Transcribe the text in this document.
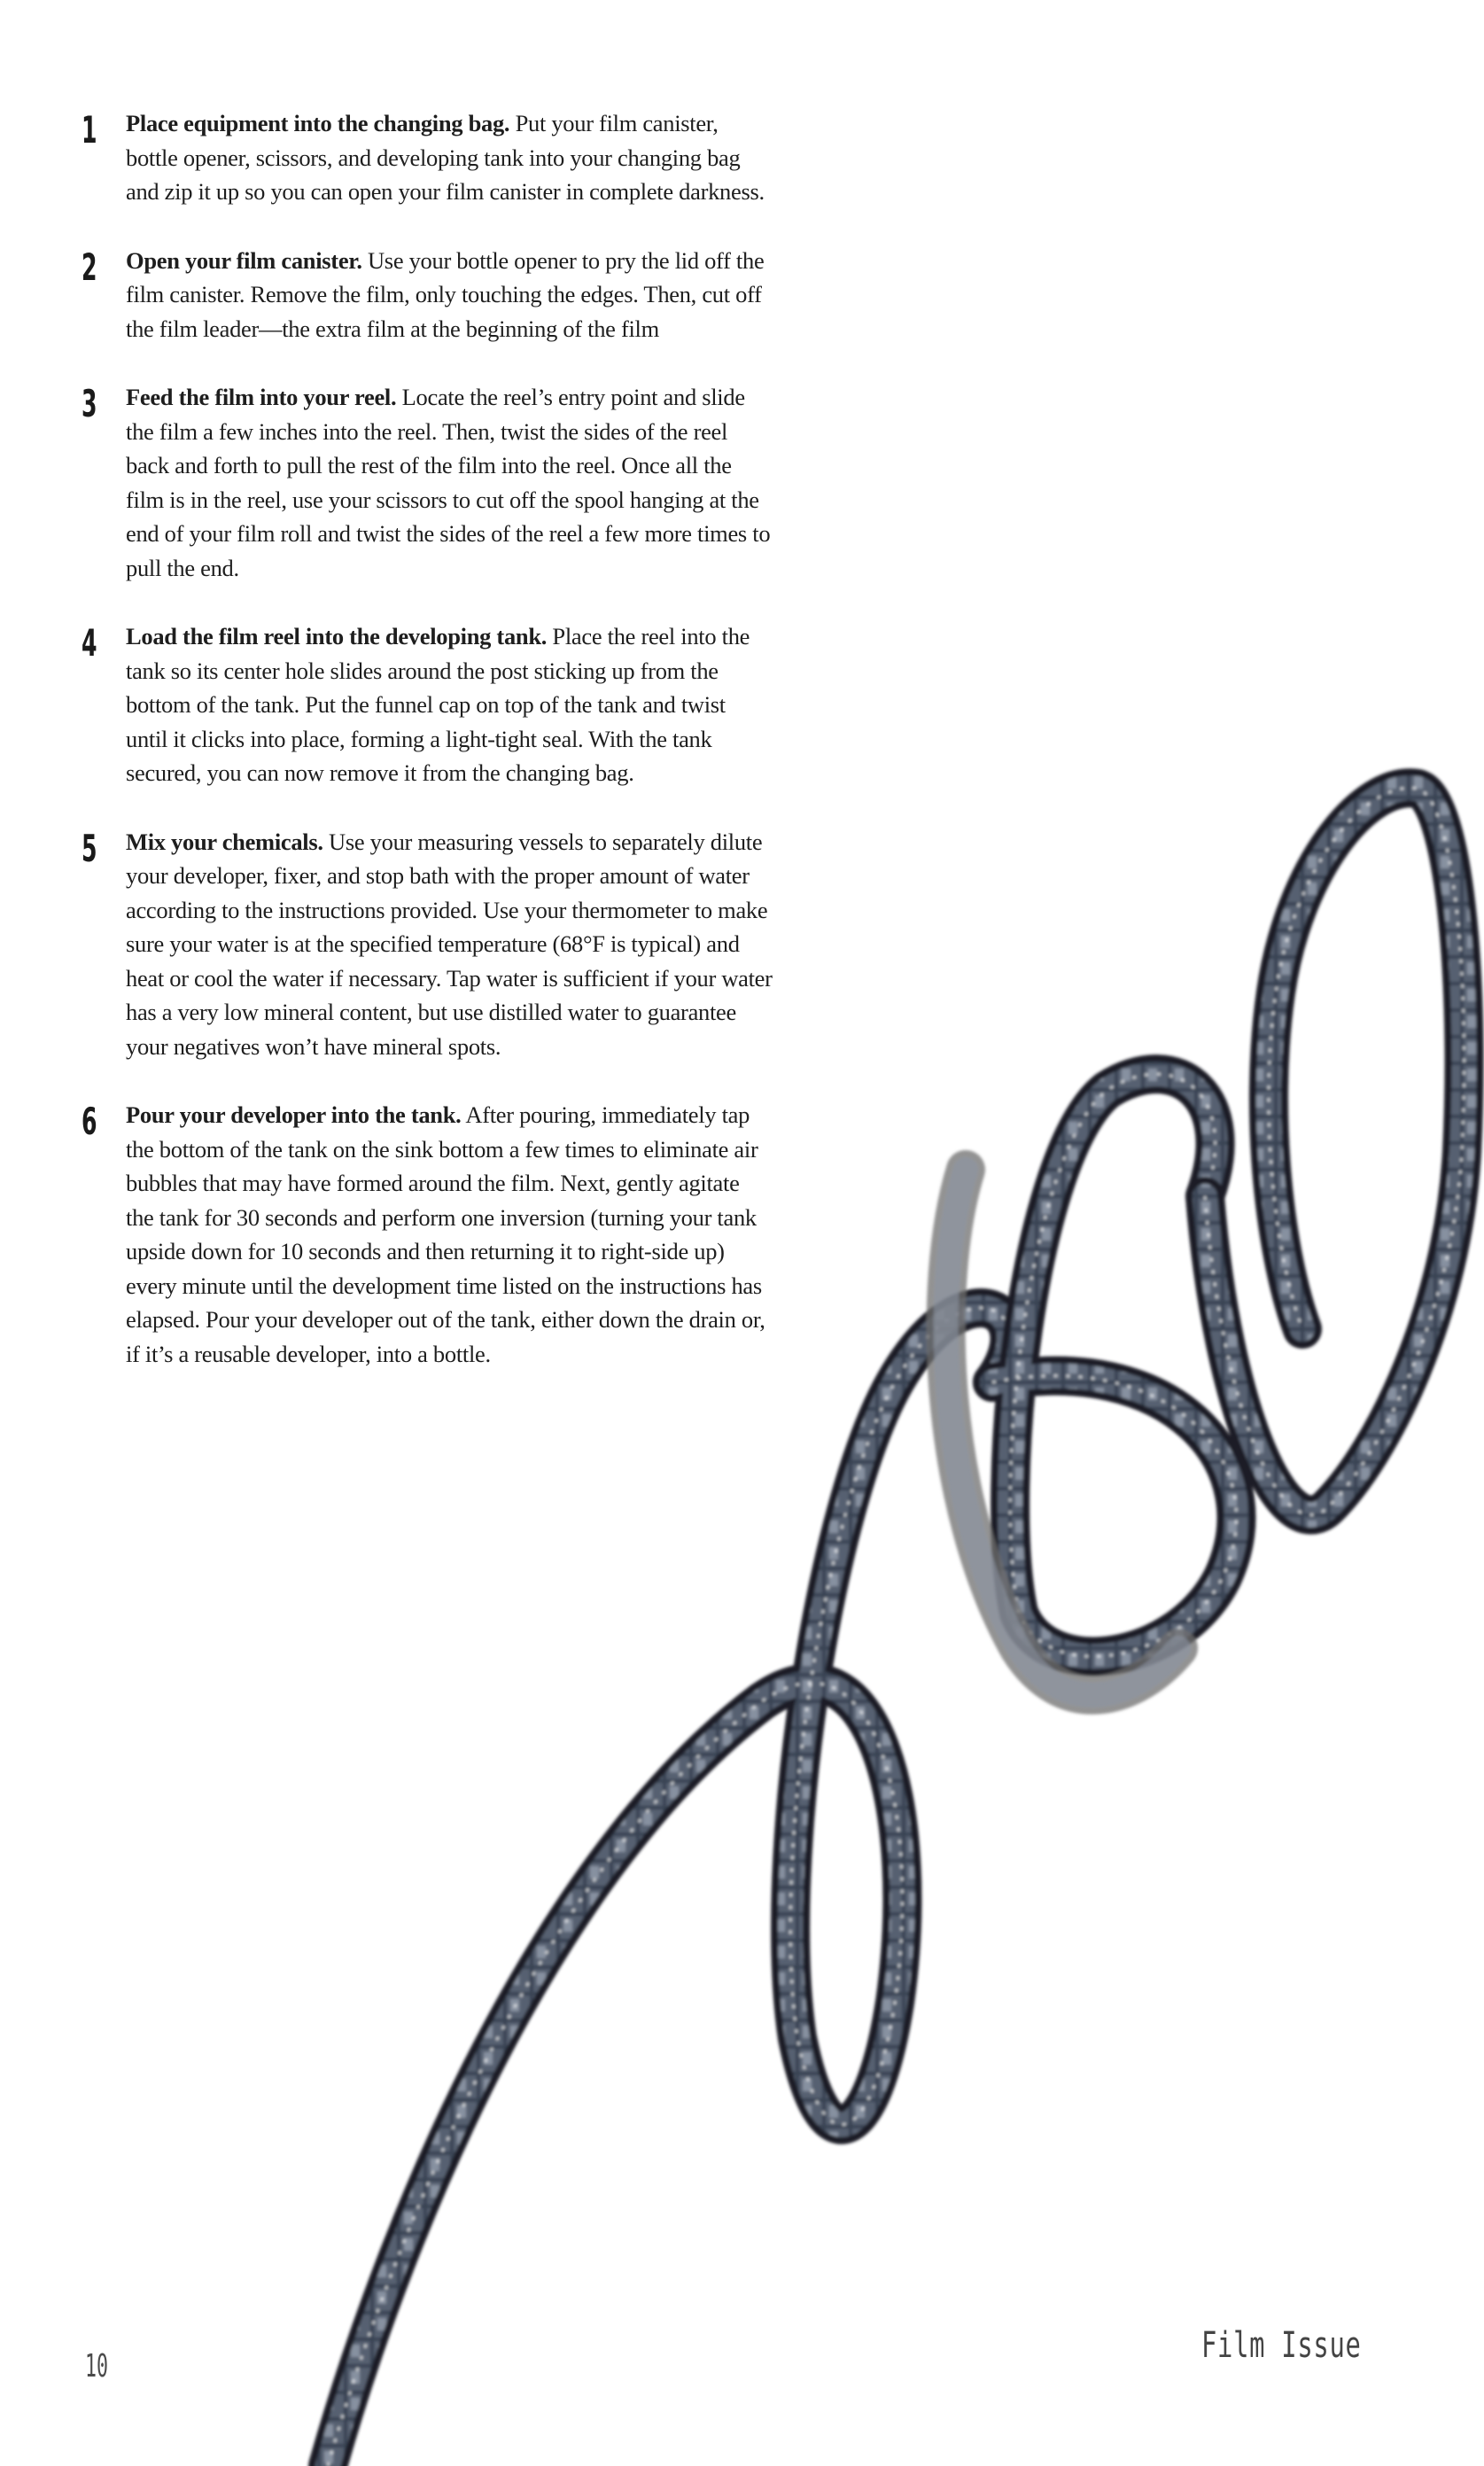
1 Place equipment into the changing bag. Put your film canister, bottle opener, scissors, and developing tank into your changing bag and zip it up so you can open your film canister in complete darkness.

2 Open your film canister. Use your bottle opener to pry the lid off the film canister. Remove the film, only touching the edges. Then, cut off the film leader—the extra film at the beginning of the film

3 Feed the film into your reel. Locate the reel’s entry point and slide the film a few inches into the reel. Then, twist the sides of the reel back and forth to pull the rest of the film into the reel. Once all the film is in the reel, use your scissors to cut off the spool hanging at the end of your film roll and twist the sides of the reel a few more times to pull the end.

4 Load the film reel into the developing tank. Place the reel into the tank so its center hole slides around the post sticking up from the bottom of the tank. Put the funnel cap on top of the tank and twist until it clicks into place, forming a light-tight seal. With the tank secured, you can now remove it from the changing bag.

5 Mix your chemicals. Use your measuring vessels to separately dilute your developer, fixer, and stop bath with the proper amount of water according to the instructions provided. Use your thermometer to make sure your water is at the specified temperature (68°F is typical) and heat or cool the water if necessary. Tap water is sufficient if your water has a very low mineral content, but use distilled water to guarantee your negatives won’t have mineral spots.

6 Pour your developer into the tank. After pouring, immediately tap the bottom of the tank on the sink bottom a few times to eliminate air bubbles that may have formed around the film. Next, gently agitate the tank for 30 seconds and perform one inversion (turning your tank upside down for 10 seconds and then returning it to right-side up) every minute until the development time listed on the instructions has elapsed. Pour your developer out of the tank, either down the drain or, if it’s a reusable developer, into a bottle.

10
Film Issue
